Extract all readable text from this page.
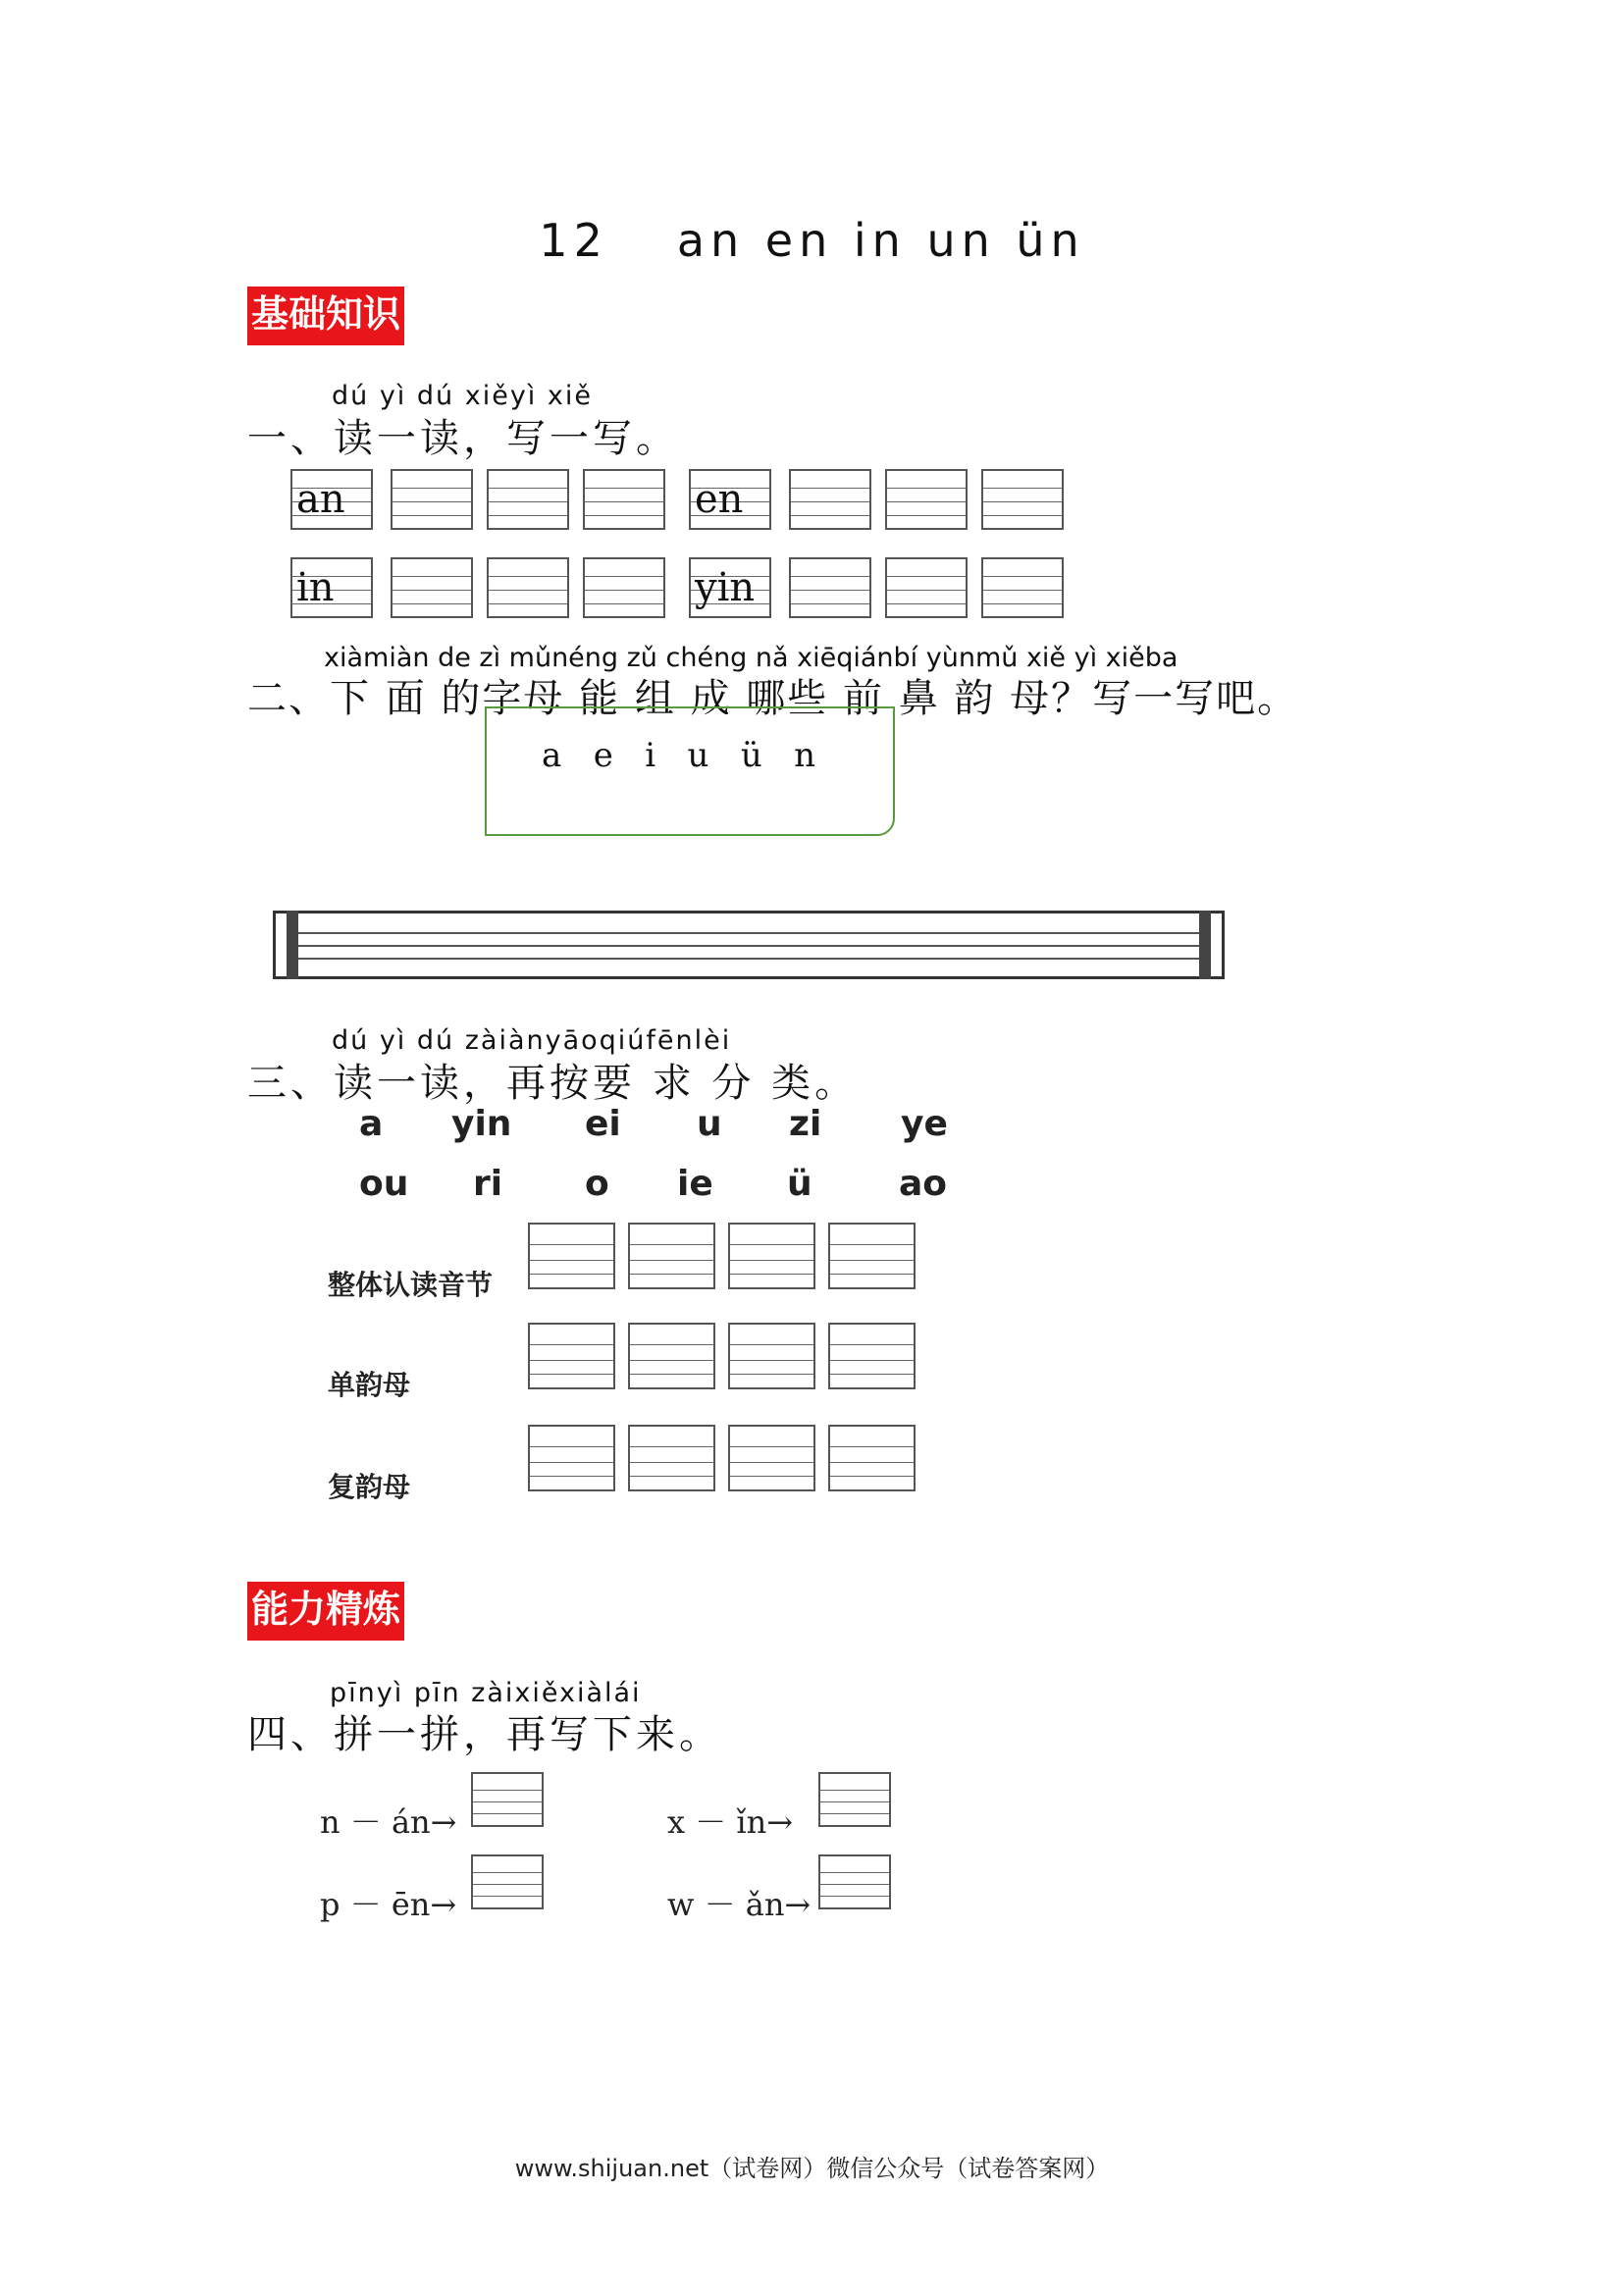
12 an en in un ün
基础知识
dú yì dú xiěyì xiě
一、读一读，写一写。
an	en
in	yin
xiàmiàn de zì mǔnéng zǔ chéng nǎ xiēqiánbí yùnmǔ xiě yì xiěba
二、下 面 的字母 能 组 成 哪些 前 鼻 韵 母？写一写吧。
a   e   i   u   ü   n
dú yì dú zàiànyāoqiúfēnlèi
三、读一读，再按要 求 分 类。
a yin ei u zi ye
ou ri o ie ü ao
整体认读音节
单韵母
复韵母
能力精炼
pīnyì pīn zàixiěxiàlái
四、拼一拼，再写下来。
n － án→	x － ǐn→
p － ēn→	w － ǎn→
www.shijuan.net（试卷网）微信公众号（试卷答案网）
